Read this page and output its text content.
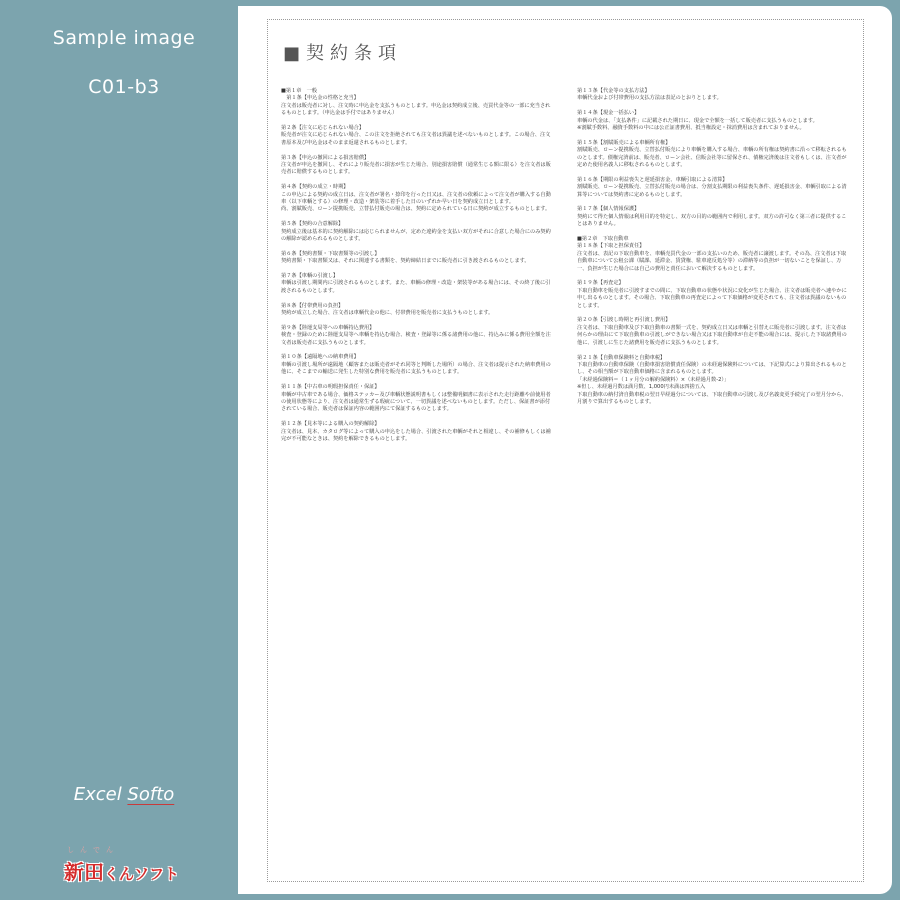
Sample image
C01-b3
Excel Softo
しんでん
新田くんソフト
■契約条項

■第１章　一般

　第１条【申込金の性格と充当】

注文者は販売者に対し、注文時に申込金を支払うものとします。申込金は契約成立後、売買代金等の一部に充当されるものとします。（申込金は手付ではありません）

第２条【注文に応じられない場合】

販売者が注文に応じられない場合、この注文を拒絶されても注文者は異議を述べないものとします。この場合、注文書原本及び申込金はそのまま返還されるものとします。

第３条【申込の撤回による損害賠償】

注文者が申込を撤回し、それにより販売者に損害が生じた場合、別途損害賠償（通常生じる額に限る）を注文者は販売者に賠償するものとします。

第４条【契約の成立・時期】

この申込による契約の成立日は、注文者が署名・捺印を行った日又は、注文者の依頼によって注文者が購入する自動車（以下車輌とする）の修理・改造・架装等に着手した日のいずれか早い日を契約成立日とします。

尚、割賦販売、ローン提携販売、立替払付販売の場合は、契約に定められている日に契約が成立するものとします。

第５条【契約の合意解除】

契約成立後は基本的に契約解除には応じられませんが、定めた違約金を支払い双方がそれに合意した場合にのみ契約の解除が認められるものとします。

第６条【契約書類・下取書類等の引渡し】

契約書類・下取書類又は、それに関連する書類を、契約締結日までに販売者に引き渡されるものとします。

第７条【車輌の引渡し】

車輌は引渡し期間内に引渡されるものとします。また、車輌の修理・改造・架装等がある場合には、その終了後に引渡されるものとします。

第８条【付帯費用の負担】

契約が成立した場合、注文者は車輌代金の他に、付帯費用を販売者に支払うものとします。

第９条【陸運支局等への車輌持込費用】

検査・登録のために陸運支局等へ車輌を持込む場合、検査・登録等に係る諸費用の他に、持込みに係る費用全額を注文者は販売者に支払うものとします。

第１０条【遠隔地への納車費用】

車輌の引渡し場所が遠隔地（顧客または販売者がそれ同等と判断した場所）の場合、注文者は提示された納車費用の他に、そこまでの輸送に発生した特別な費用を販売者に支払うものとします。

第１１条【中古車の明瑕担保責任・保証】

車輌が中古車である場合、価格ステッカー及び車輌状態説明書もしくは整備明細書に表示された走行距離や前使用者の使用状態等により、注文者は通常生ずる瑕疵について、一切異議を述べないものとします。ただし、保証書が添付されている場合、販売者は保証内容の範囲内にて保証するものとします。

第１２条【見本等による購入の契約解除】

注文者は、見本、カタログ等によって購入の申込をした場合、引渡された車輌がそれと相違し、その補修もしくは補完が不可能なときは、契約を解除できるものとします。

第１３条【代金等の支払方法】

車輌代金および付帯費用の支払方法は表記のとおりとします。

第１４条【現金一括払い】

車輌の代金は、「支払条件」に記載された期日に、現金で全額を一括して販売者に支払うものとします。

※割賦手数料、融資手数料の中には公正証書費用、抵当権設定・抹消費用は含まれておりません。

第１５条【割賦販売による車輌所有権】

割賦販売、ローン提携販売、立替払付販売により車輌を購入する場合、車輌の所有権は契約書に沿って移転されるものとします。債権完済前は、販売者、ローン会社、信販会社等に留保され、債権完済後は注文者もしくは、注文者が定めた使用名義人に移転されるものとします。

第１６条【期限の利益喪失と遅延損害金、車輌引取による清算】

割賦販売、ローン提携販売、立替払付販売の場合は、分割支払期限の利益喪失条件、遅延損害金、車輌引取による清算等については契約書に定めるものとします。

第１７条【個人情報保護】

契約にて得た個人情報は利用目的を特定し、双方の目的の範囲内で利用します。双方の許可なく第三者に提供することはありません。

■第２章　下取自動車

第１８条【下取と担保責任】

注文者は、表記の下取自動車を、車輌売買代金の一部の支払いのため、販売者に譲渡します。その為、注文者は下取自動車について公租公課（賦課、延滞金、賃貸権、駐車違反処分等）の滞納等の負担が一切ないことを保証し、万一、負担が生じた場合には自己の費用と責任において解決するものとします。

第１９条【再査定】

下取自動車を販売者に引渡すまでの間に、下取自動車の状態や状況に変化が生じた場合、注文者は販売者へ速やかに申し出るものとします。その場合、下取自動車の再査定によって下取価格が変更されても、注文者は異議のないものとします。

第２０条【引渡し時期と再引渡し費用】

注文者は、下取自動車及び下取自動車の書類一式を、契約成立日又は車輌と引替えに販売者に引渡します。注文者は何らかの理由にて下取自動車の引渡しができない場合又は下取自動車が自走不能の場合には、提示した下取諸費用の他に、引渡しに生じた諸費用を販売者に支払うものとします。

第２１条【自動車保険料と自動車税】

下取自動車の自動車保険（自動車損害賠償責任保険）の未経過保険料については、下記算式により算出されるものとし、その相当額が下取自動車価格に含まれるものとします。

「未経過保険料＝（１ヶ月分の解約保険料）×（未経過月数-2）」

※但し、未経過月数は満月数、1,000円未満は四捨五入

下取自動車の納付済自動車税の翌日早経過分については、下取自動車の引渡し及び名義変更手続完了の翌月分から、月割りで算出するものとします。
